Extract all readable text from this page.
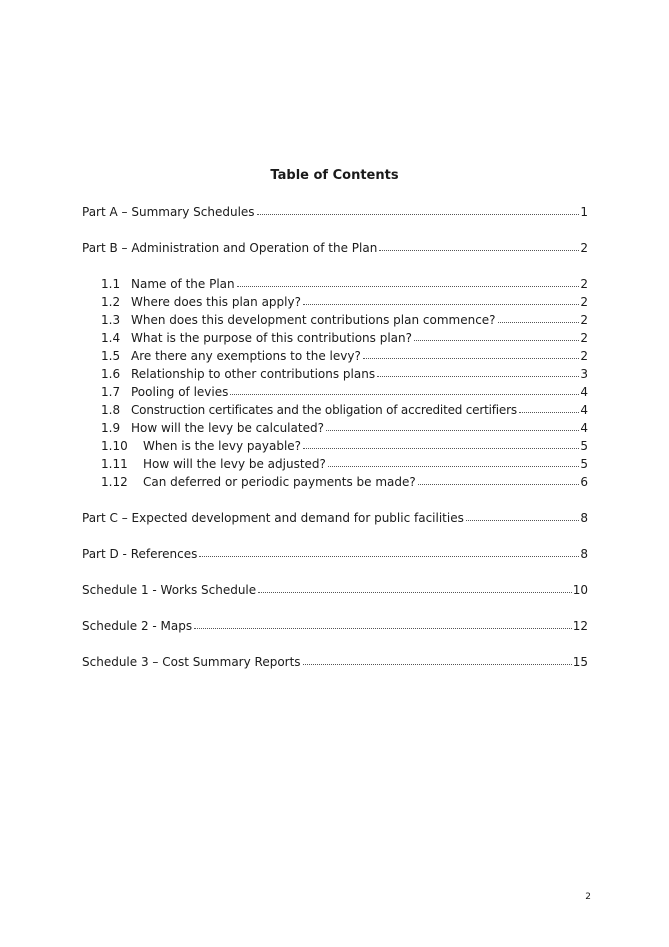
Table of Contents
Part A – Summary Schedules	1
Part B – Administration and Operation of the Plan	2
1.1 Name of the Plan	2
1.2 Where does this plan apply?	2
1.3 When does this development contributions plan commence?	2
1.4 What is the purpose of this contributions plan?	2
1.5 Are there any exemptions to the levy?	2
1.6 Relationship to other contributions plans	3
1.7 Pooling of levies	4
1.8 Construction certificates and the obligation of accredited certifiers	4
1.9 How will the levy be calculated?	4
1.10	When is the levy payable?	5
1.11	How will the levy be adjusted?	5
1.12	Can deferred or periodic payments be made?	6
Part C – Expected development and demand for public facilities	8
Part D - References	8
Schedule 1 - Works Schedule	10
Schedule 2 - Maps	12
Schedule 3 – Cost Summary Reports	15
2
